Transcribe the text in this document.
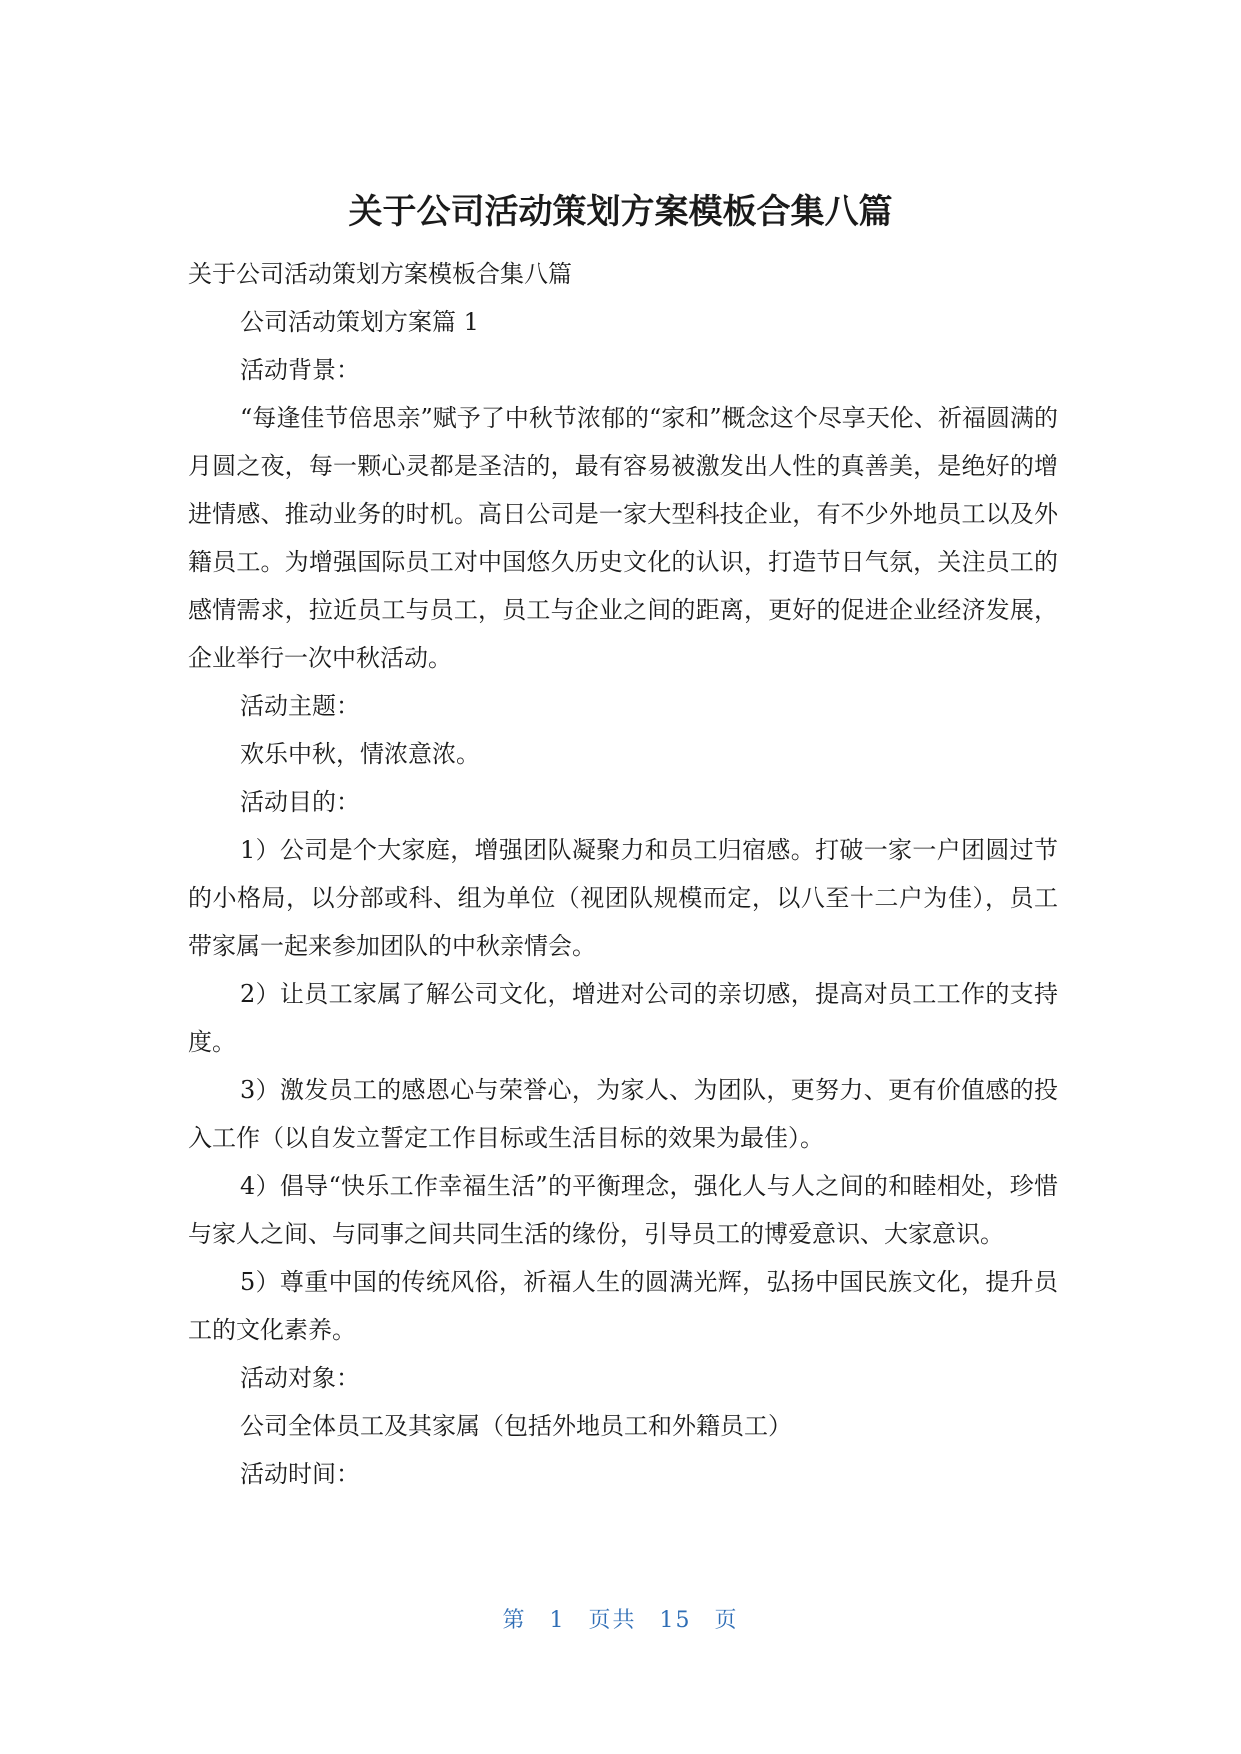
关于公司活动策划方案模板合集八篇

关于公司活动策划方案模板合集八篇

公司活动策划方案篇 1

活动背景：

“每逢佳节倍思亲”赋予了中秋节浓郁的“家和”概念这个尽享天伦、祈福圆满的月圆之夜，每一颗心灵都是圣洁的，最有容易被激发出人性的真善美，是绝好的增进情感、推动业务的时机。高日公司是一家大型科技企业，有不少外地员工以及外籍员工。为增强国际员工对中国悠久历史文化的认识，打造节日气氛，关注员工的感情需求，拉近员工与员工，员工与企业之间的距离，更好的促进企业经济发展，企业举行一次中秋活动。

活动主题：

欢乐中秋，情浓意浓。

活动目的：

1）公司是个大家庭，增强团队凝聚力和员工归宿感。打破一家一户团圆过节的小格局，以分部或科、组为单位（视团队规模而定，以八至十二户为佳），员工带家属一起来参加团队的中秋亲情会。

2）让员工家属了解公司文化，增进对公司的亲切感，提高对员工工作的支持度。

3）激发员工的感恩心与荣誉心，为家人、为团队，更努力、更有价值感的投入工作（以自发立誓定工作目标或生活目标的效果为最佳）。

4）倡导“快乐工作幸福生活”的平衡理念，强化人与人之间的和睦相处，珍惜与家人之间、与同事之间共同生活的缘份，引导员工的博爱意识、大家意识。

5）尊重中国的传统风俗，祈福人生的圆满光辉，弘扬中国民族文化，提升员工的文化素养。

活动对象：

公司全体员工及其家属（包括外地员工和外籍员工）

活动时间：

第 1 页共 15 页
